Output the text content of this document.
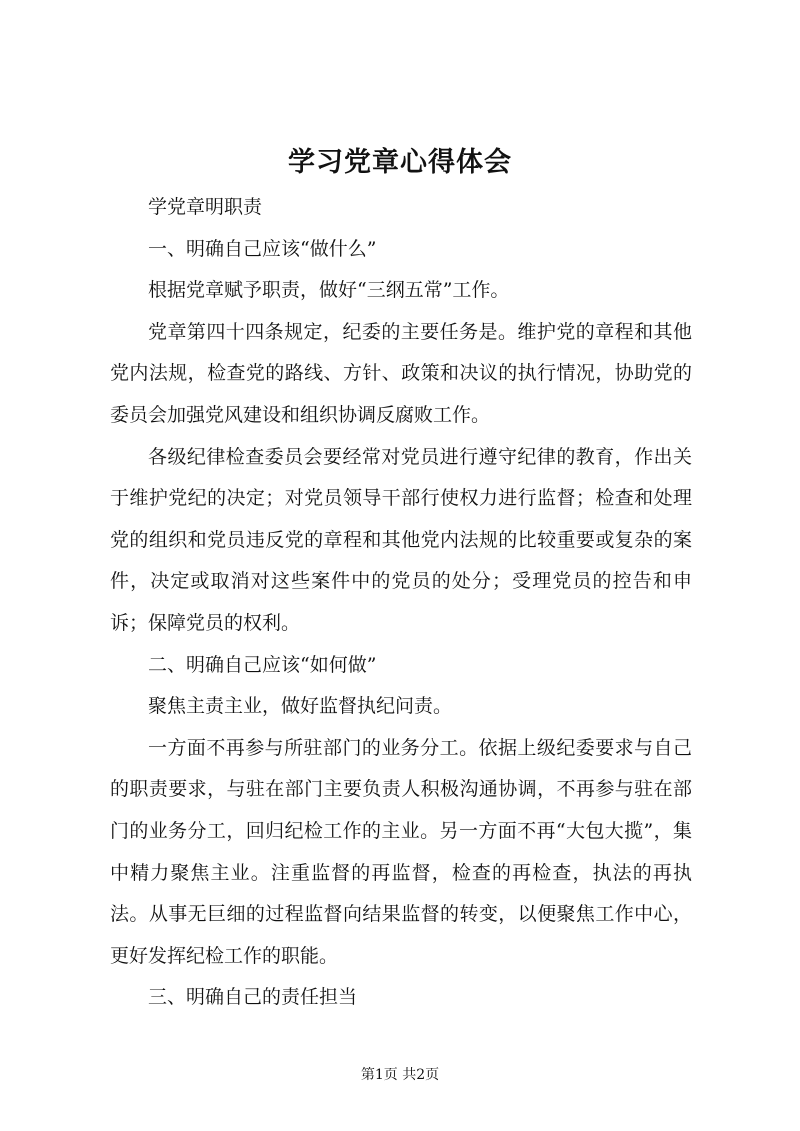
学习党章心得体会

学党章明职责

一、明确自己应该“做什么”

根据党章赋予职责，做好“三纲五常”工作。

党章第四十四条规定，纪委的主要任务是。维护党的章程和其他党内法规，检查党的路线、方针、政策和决议的执行情况，协助党的委员会加强党风建设和组织协调反腐败工作。

各级纪律检查委员会要经常对党员进行遵守纪律的教育，作出关于维护党纪的决定；对党员领导干部行使权力进行监督；检查和处理党的组织和党员违反党的章程和其他党内法规的比较重要或复杂的案件，决定或取消对这些案件中的党员的处分；受理党员的控告和申诉；保障党员的权利。

二、明确自己应该“如何做”

聚焦主责主业，做好监督执纪问责。

一方面不再参与所驻部门的业务分工。依据上级纪委要求与自己的职责要求，与驻在部门主要负责人积极沟通协调，不再参与驻在部门的业务分工，回归纪检工作的主业。另一方面不再“大包大揽”，集中精力聚焦主业。注重监督的再监督，检查的再检查，执法的再执法。从事无巨细的过程监督向结果监督的转变，以便聚焦工作中心，更好发挥纪检工作的职能。

三、明确自己的责任担当

第1页 共2页
